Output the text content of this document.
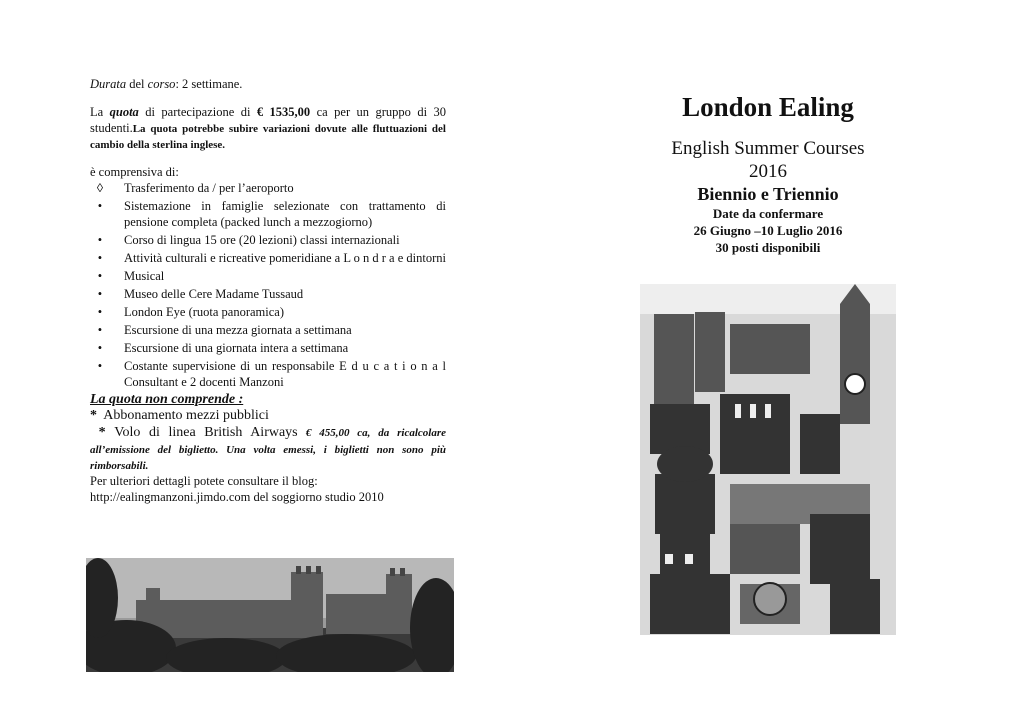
Durata del corso: 2 settimane.

La quota di partecipazione di € 1535,00 ca per un gruppo di 30 studenti.La quota potrebbe subire variazioni dovute alle fluttuazioni del cambio della sterlina inglese.

è comprensiva di:

◊	Trasferimento da / per l’aeroporto
•	Sistemazione in famiglie selezionate con trattamento di pensione completa (packed lunch a mezzogiorno)
•	Corso di lingua 15 ore (20 lezioni) classi internazionali
•	Attività culturali e ricreative pomeridiane a L o n d r a e dintorni
•	Musical
•	Museo delle Cere Madame Tussaud
•	London Eye (ruota panoramica)
•	Escursione di una mezza giornata a settimana
•	Escursione di una giornata intera a settimana
•	Costante supervisione di un responsabile E d u c a t i o n a l Consultant e 2 docenti Manzoni

La quota non comprende :

* Abbonamento mezzi pubblici

* Volo di linea British Airways € 455,00 ca, da ricalcolare all’emissione del biglietto. Una volta emessi, i biglietti non sono più rimborsabili.

Per ulteriori dettagli potete consultare il blog:

http://ealingmanzoni.jimdo.com del soggiorno studio 2010

London Ealing

English Summer Courses

2016

Biennio e Triennio

Date da confermare

26 Giugno –10 Luglio 2016

30 posti disponibili
